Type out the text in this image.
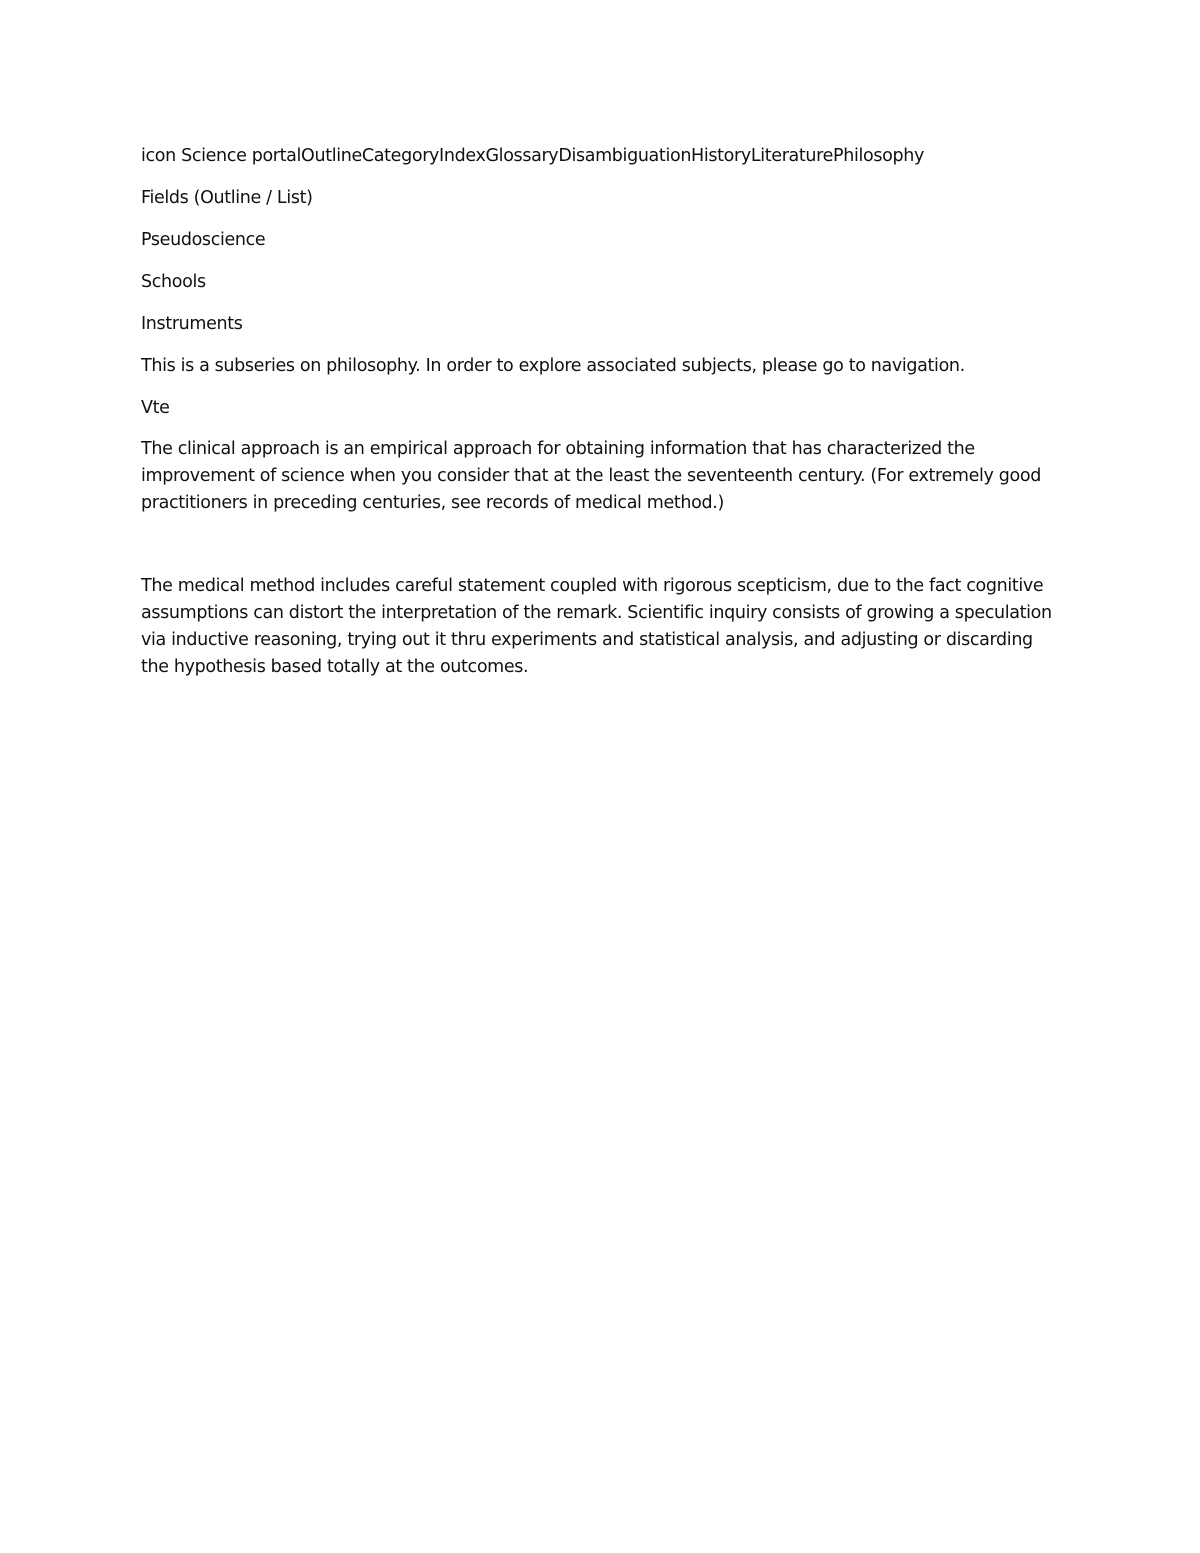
icon Science portalOutlineCategoryIndexGlossaryDisambiguationHistoryLiteraturePhilosophy

Fields (Outline / List)

Pseudoscience

Schools

Instruments

This is a subseries on philosophy. In order to explore associated subjects, please go to navigation.

Vte

The clinical approach is an empirical approach for obtaining information that has characterized the improvement of science when you consider that at the least the seventeenth century. (For extremely good practitioners in preceding centuries, see records of medical method.)

The medical method includes careful statement coupled with rigorous scepticism, due to the fact cognitive assumptions can distort the interpretation of the remark. Scientific inquiry consists of growing a speculation via inductive reasoning, trying out it thru experiments and statistical analysis, and adjusting or discarding the hypothesis based totally at the outcomes.
